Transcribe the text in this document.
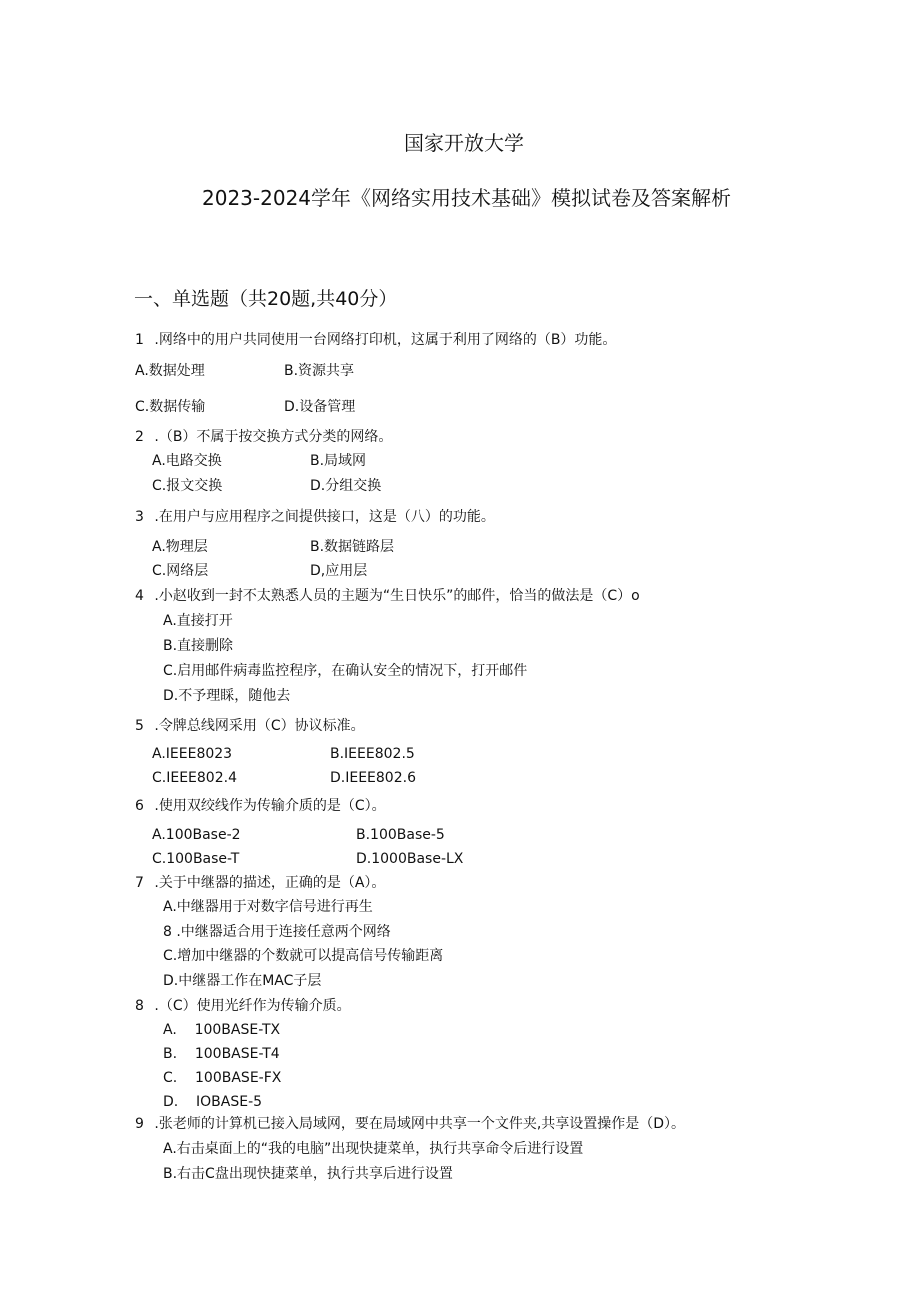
国家开放大学
2023-2024学年《网络实用技术基础》模拟试卷及答案解析
一、单选题（共20题,共40分）
1 .网络中的用户共同使用一台网络打印机，这属于利用了网络的（B）功能。
A.数据处理	B.资源共享
C.数据传输	D.设备管理
2 .（B）不属于按交换方式分类的网络。
A.电路交换	B.局域网
C.报文交换	D.分组交换
3 .在用户与应用程序之间提供接口，这是（八）的功能。
A.物理层	B.数据链路层
C.网络层	D,应用层
4 .小赵收到一封不太熟悉人员的主题为“生日快乐”的邮件，恰当的做法是（C）o
A.直接打开
B.直接删除
C.启用邮件病毒监控程序，在确认安全的情况下，打开邮件
D.不予理睬，随他去
5 .令牌总线网采用（C）协议标准。
A.IEEE8023	B.IEEE802.5
C.IEEE802.4	D.IEEE802.6
6 .使用双绞线作为传输介质的是（C）。
A.100Base-2	B.100Base-5
C.100Base-T	D.1000Base-LX
7 .关于中继器的描述，正确的是（A）。
A.中继器用于对数字信号进行再生
8 .中继器适合用于连接任意两个网络
C.增加中继器的个数就可以提高信号传输距离
D.中继器工作在MAC子层
8 .（C）使用光纤作为传输介质。
A.    100BASE-TX
B.    100BASE-T4
C.    100BASE-FX
D.    IOBASE-5
9 .张老师的计算机已接入局域网，要在局域网中共享一个文件夹,共享设置操作是（D）。
A.右击桌面上的“我的电脑”出现快捷菜单，执行共享命令后进行设置
B.右击C盘出现快捷菜单，执行共享后进行设置
